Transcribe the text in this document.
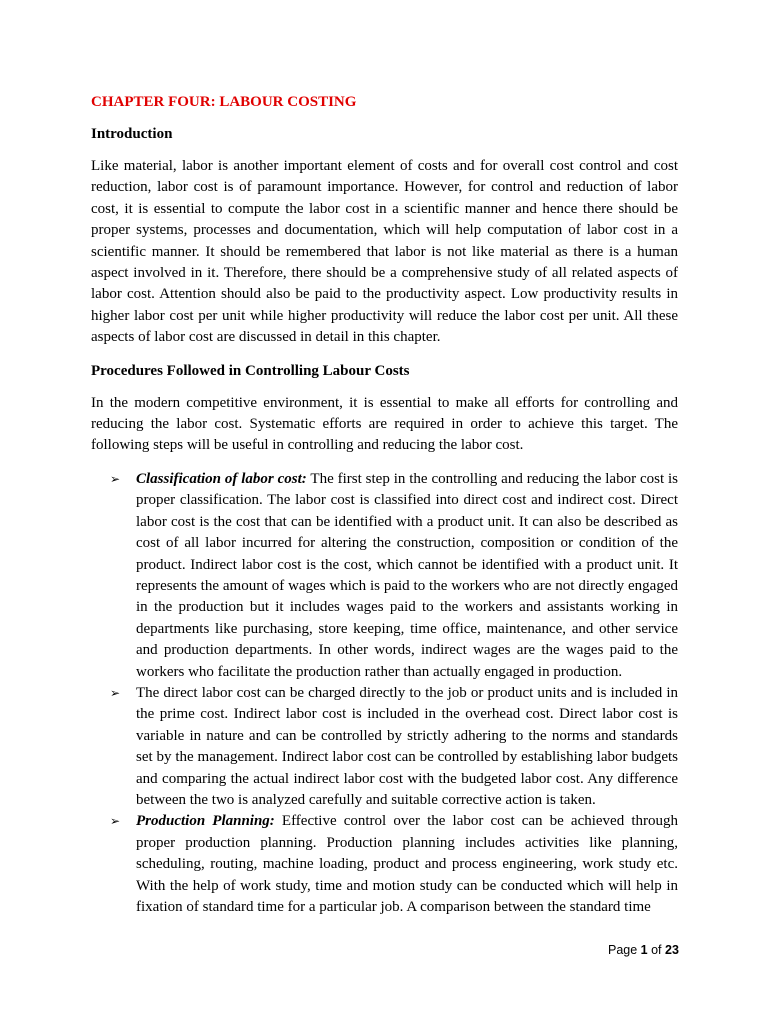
CHAPTER FOUR: LABOUR COSTING
Introduction

Like material, labor is another important element of costs and for overall cost control and cost reduction, labor cost is of paramount importance. However, for control and reduction of labor cost, it is essential to compute the labor cost in a scientific manner and hence there should be proper systems, processes and documentation, which will help computation of labor cost in a scientific manner. It should be remembered that labor is not like material as there is a human aspect involved in it. Therefore, there should be a comprehensive study of all related aspects of labor cost. Attention should also be paid to the productivity aspect. Low productivity results in higher labor cost per unit while higher productivity will reduce the labor cost per unit. All these aspects of labor cost are discussed in detail in this chapter.

Procedures Followed in Controlling Labour Costs

In the modern competitive environment, it is essential to make all efforts for controlling and reducing the labor cost. Systematic efforts are required in order to achieve this target. The following steps will be useful in controlling and reducing the labor cost.

➢ Classification of labor cost: The first step in the controlling and reducing the labor cost is proper classification. The labor cost is classified into direct cost and indirect cost. Direct labor cost is the cost that can be identified with a product unit. It can also be described as cost of all labor incurred for altering the construction, composition or condition of the product. Indirect labor cost is the cost, which cannot be identified with a product unit. It represents the amount of wages which is paid to the workers who are not directly engaged in the production but it includes wages paid to the workers and assistants working in departments like purchasing, store keeping, time office, maintenance, and other service and production departments. In other words, indirect wages are the wages paid to the workers who facilitate the production rather than actually engaged in production.
➢ The direct labor cost can be charged directly to the job or product units and is included in the prime cost. Indirect labor cost is included in the overhead cost. Direct labor cost is variable in nature and can be controlled by strictly adhering to the norms and standards set by the management. Indirect labor cost can be controlled by establishing labor budgets and comparing the actual indirect labor cost with the budgeted labor cost. Any difference between the two is analyzed carefully and suitable corrective action is taken.
➢ Production Planning: Effective control over the labor cost can be achieved through proper production planning. Production planning includes activities like planning, scheduling, routing, machine loading, product and process engineering, work study etc. With the help of work study, time and motion study can be conducted which will help in fixation of standard time for a particular job. A comparison between the standard time
Page 1 of 23
